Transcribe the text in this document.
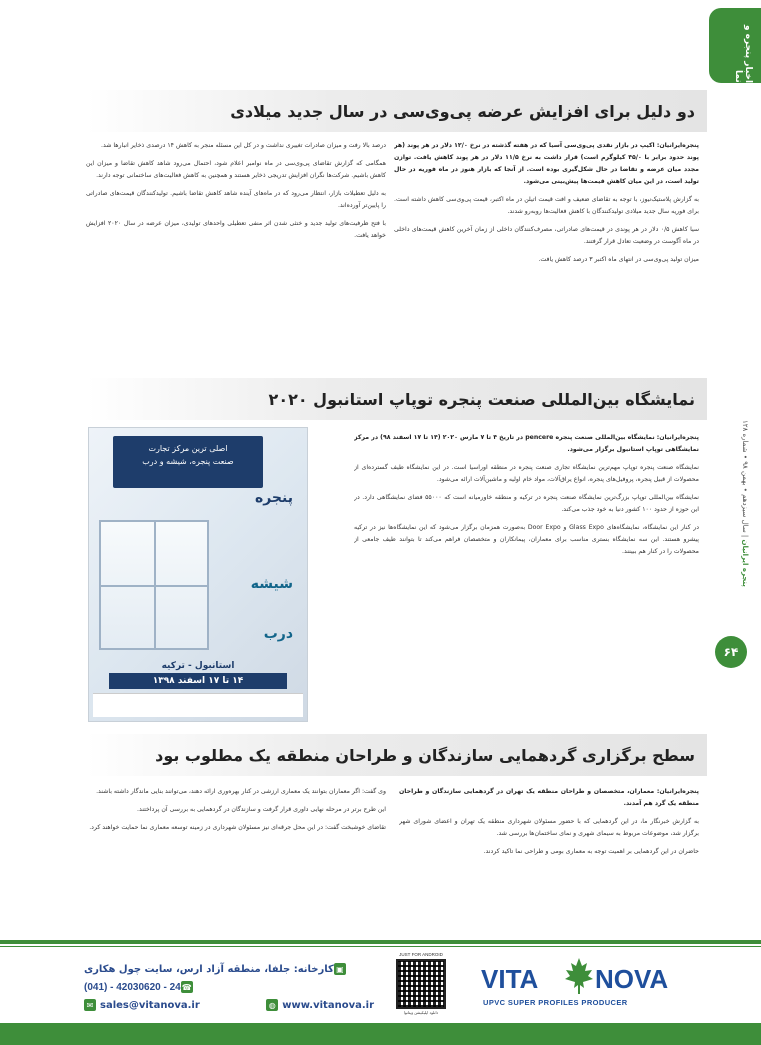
اخبار پنجره و نما
پنجره ایرانیان | سال سیزدهم • بهمن ۹۸ • شماره ۱۲۸
۶۴
دو دلیل برای افزایش عرضه پی‌وی‌سی در سال جدید میلادی

پنجره‌ایرانیان: اکیپ در بازار نقدی پی‌وی‌سی آسیا که در هفته گذشته در نرخ ۱۲/۰ دلار در هر پوند (هر پوند حدود برابر با ۴۵/۰ کیلوگرم است) قرار داشت به نرخ ۱۱/۵ دلار در هر پوند کاهش یافت. توازن مجدد میان عرضه و تقاضا در حال شکل‌گیری بوده است. از آنجا که بازار هنوز در ماه فوریه در حال تولید است، در این میان کاهش قیمت‌ها پیش‌بینی می‌شود.

به گزارش پلاستیک‌نیوز، با توجه به تقاضای ضعیف و افت قیمت اتیلن در ماه اکتبر، قیمت پی‌وی‌سی کاهش داشته است. برای فوریه سال جدید میلادی تولیدکنندگان با کاهش فعالیت‌ها روبه‌رو شدند.

سیا کاهش ۰/۵ دلار در هر پوندی در قیمت‌های صادراتی، مصرف‌کنندگان داخلی از زمان آخرین کاهش قیمت‌های داخلی در ماه آگوست در وضعیت تعادل قرار گرفتند.

میزان تولید پی‌وی‌سی در انتهای ماه اکتبر ۳ درصد کاهش یافت.

درصد بالا رفت و میزان صادرات تغییری نداشت و در کل این مسئله منجر به کاهش ۱۴ درصدی ذخایر انبارها شد.

همگامی که گزارش تقاضای پی‌وی‌سی در ماه نوامبر اعلام شود، احتمال می‌رود شاهد کاهش تقاضا و میزان این کاهش باشیم. شرکت‌ها نگران افزایش تدریجی ذخایر هستند و همچنین به کاهش فعالیت‌های ساختمانی توجه دارند.

به دلیل تعطیلات بازار، انتظار می‌رود که در ماه‌های آینده شاهد کاهش تقاضا باشیم. تولیدکنندگان قیمت‌های صادراتی را پایین‌تر آورده‌اند.

با فتح ظرفیت‌های تولید جدید و خنثی شدن اثر منفی تعطیلی واحدهای تولیدی، میزان عرضه در سال ۲۰۲۰ افزایش خواهد یافت.

نمایشگاه بین‌المللی صنعت پنجره توپاپ استانبول ۲۰۲۰

پنجره‌ایرانیان: نمایشگاه بین‌المللی صنعت پنجره pencere در تاریخ ۴ تا ۷ مارس ۲۰۲۰ (۱۴ تا ۱۷ اسفند ۹۸) در مرکز نمایشگاهی توپاپ استانبول برگزار می‌شود.

نمایشگاه صنعت پنجره توپاپ مهم‌ترین نمایشگاه تجاری صنعت پنجره در منطقه اوراسیا است. در این نمایشگاه طیف گسترده‌ای از محصولات از قبیل پنجره، پروفیل‌های پنجره، انواع یراق‌آلات، مواد خام اولیه و ماشین‌آلات ارائه می‌شود.

نمایشگاه بین‌المللی توپاپ بزرگ‌ترین نمایشگاه صنعت پنجره در ترکیه و منطقه خاورمیانه است که ۵۵۰۰۰ فضای نمایشگاهی دارد. در این حوزه از حدود ۱۰۰ کشور دنیا به خود جذب می‌کند.

در کنار این نمایشگاه، نمایشگاه‌های Glass Expo و Door Expo به‌صورت همزمان برگزار می‌شود که این نمایشگاه‌ها نیز در ترکیه پیشرو هستند. این سه نمایشگاه بستری مناسب برای معماران، پیمانکاران و متخصصان فراهم می‌کند تا بتوانند طیف جامعی از محصولات را در کنار هم ببینند.

اصلی ترین مرکز تجارت
صنعت پنجره، شیشه و درب
پنجره
شیشه
درب
استانبول - ترکیه
۱۴ تا ۱۷ اسفند ۱۳۹۸
سطح برگزاری گردهمایی سازندگان و طراحان منطقه یک مطلوب بود

پنجره‌ایرانیان: معماران، متخصصان و طراحان منطقه یک تهران در گردهمایی سازندگان و طراحان منطقه یک گرد هم آمدند.

به گزارش خبرنگار ما، در این گردهمایی که با حضور مسئولان شهرداری منطقه یک تهران و اعضای شورای شهر برگزار شد، موضوعات مربوط به سیمای شهری و نمای ساختمان‌ها بررسی شد.

حاضران در این گردهمایی بر اهمیت توجه به معماری بومی و طراحی نما تاکید کردند.

وی گفت: اگر معماران بتوانند یک معماری ارزشی در کنار بهره‌وری ارائه دهند، می‌توانند بنایی ماندگار داشته باشند.

این طرح برتر در مرحله نهایی داوری قرار گرفت و سازندگان در گردهمایی به بررسی آن پرداختند.

تقاضای خوشبخت گفت: در این محل جرقه‌ای نیز مسئولان شهرداری در زمینه توسعه معماری نما حمایت خواهند کرد.

VITA NOVA
UPVC SUPER PROFILES PRODUCER
JUST FOR ANDROID
دانلود اپلیکیشن ویتانوا
▣
کارخانه: جلفا، منطقه آزاد ارس، سایت چول هکاری
☎
(041) - 42030620 - 24
◍ www.vitanova.ir
✉ sales@vitanova.ir
